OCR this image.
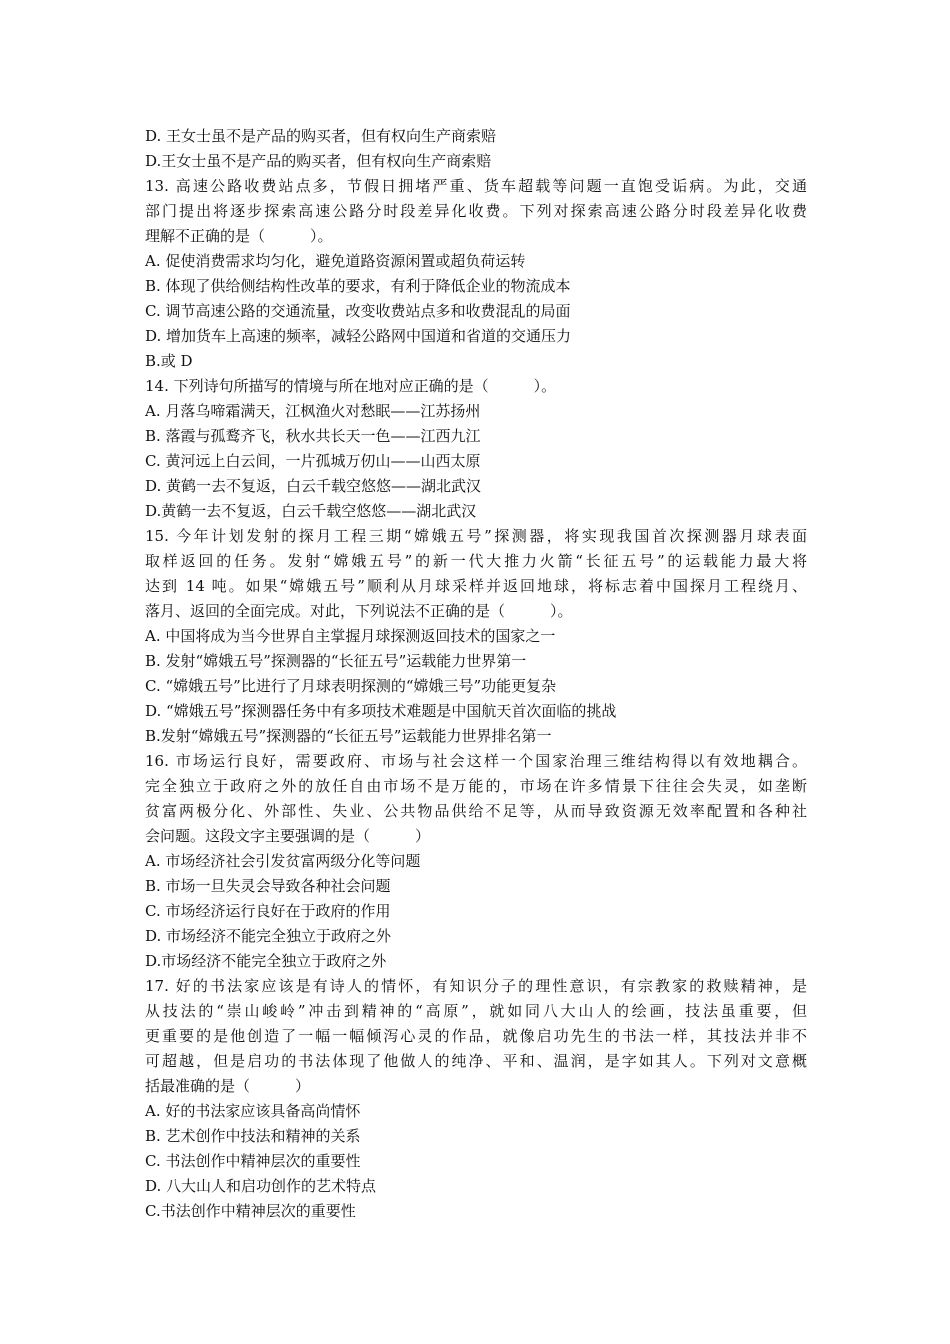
D. 王女士虽不是产品的购买者，但有权向生产商索赔
D.王女士虽不是产品的购买者，但有权向生产商索赔
13. 高速公路收费站点多，节假日拥堵严重、货车超载等问题一直饱受诟病。为此，交通
部门提出将逐步探索高速公路分时段差异化收费。下列对探索高速公路分时段差异化收费
理解不正确的是（　　　）。
A. 促使消费需求均匀化，避免道路资源闲置或超负荷运转
B. 体现了供给侧结构性改革的要求，有利于降低企业的物流成本
C. 调节高速公路的交通流量，改变收费站点多和收费混乱的局面
D. 增加货车上高速的频率，减轻公路网中国道和省道的交通压力
B.或 D
14. 下列诗句所描写的情境与所在地对应正确的是（　　　）。
A. 月落乌啼霜满天，江枫渔火对愁眠——江苏扬州
B. 落霞与孤鹜齐飞，秋水共长天一色——江西九江
C. 黄河远上白云间，一片孤城万仞山——山西太原
D. 黄鹤一去不复返，白云千载空悠悠——湖北武汉
D.黄鹤一去不复返，白云千载空悠悠——湖北武汉
15. 今年计划发射的探月工程三期“嫦娥五号”探测器，将实现我国首次探测器月球表面
取样返回的任务。发射“嫦娥五号”的新一代大推力火箭“长征五号”的运载能力最大将
达到 14 吨。如果“嫦娥五号”顺利从月球采样并返回地球，将标志着中国探月工程绕月、
落月、返回的全面完成。对此，下列说法不正确的是（　　　）。
A. 中国将成为当今世界自主掌握月球探测返回技术的国家之一
B. 发射“嫦娥五号”探测器的“长征五号”运载能力世界第一
C. “嫦娥五号”比进行了月球表明探测的“嫦娥三号”功能更复杂
D. “嫦娥五号”探测器任务中有多项技术难题是中国航天首次面临的挑战
B.发射“嫦娥五号”探测器的“长征五号”运载能力世界排名第一
16. 市场运行良好，需要政府、市场与社会这样一个国家治理三维结构得以有效地耦合。
完全独立于政府之外的放任自由市场不是万能的，市场在许多情景下往往会失灵，如垄断
贫富两极分化、外部性、失业、公共物品供给不足等，从而导致资源无效率配置和各种社
会问题。这段文字主要强调的是（　　　）
A. 市场经济社会引发贫富两级分化等问题
B. 市场一旦失灵会导致各种社会问题
C. 市场经济运行良好在于政府的作用
D. 市场经济不能完全独立于政府之外
D.市场经济不能完全独立于政府之外
17. 好的书法家应该是有诗人的情怀，有知识分子的理性意识，有宗教家的救赎精神，是
从技法的“崇山峻岭”冲击到精神的“高原”，就如同八大山人的绘画，技法虽重要，但
更重要的是他创造了一幅一幅倾泻心灵的作品，就像启功先生的书法一样，其技法并非不
可超越，但是启功的书法体现了他做人的纯净、平和、温润，是字如其人。下列对文意概
括最准确的是（　　　）
A. 好的书法家应该具备高尚情怀
B. 艺术创作中技法和精神的关系
C. 书法创作中精神层次的重要性
D. 八大山人和启功创作的艺术特点
C.书法创作中精神层次的重要性
